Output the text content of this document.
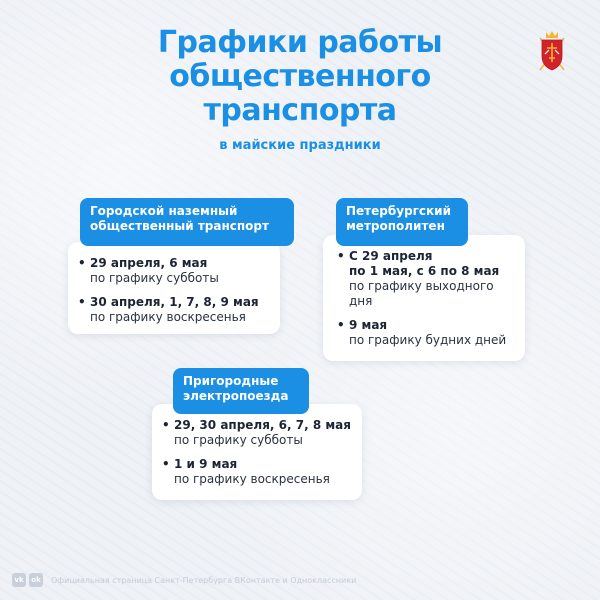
Графики работы
общественного
транспорта
в майские праздники
Городской наземный
общественный транспорт
• 29 апреля, 6 мая
по графику субботы
• 30 апреля, 1, 7, 8, 9 мая
по графику воскресенья
Петербургский
метрополитен
• С 29 апреля
по 1 мая, с 6 по 8 мая
по графику выходного
дня
• 9 мая
по графику будних дней
Пригородные
электропоезда
• 29, 30 апреля, 6, 7, 8 мая
по графику субботы
• 1 и 9 мая
по графику воскресенья
vk	ok Официальная страница Санкт-Петербурга ВКонтакте и Одноклассники
